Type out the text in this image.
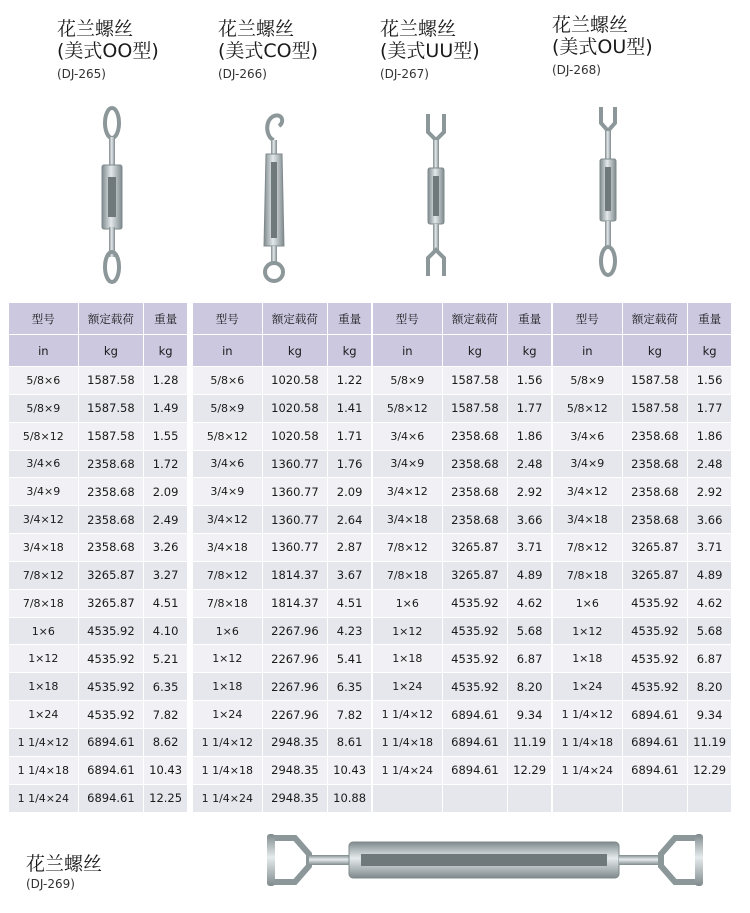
花兰螺丝
(美式OO型)
(DJ-265)
花兰螺丝
(美式CO型)
(DJ-266)
花兰螺丝
(美式UU型)
(DJ-267)
花兰螺丝
(美式OU型)
(DJ-268)
型号	额定载荷	重量
in	kg	kg
5/8×6	1587.58	1.28
5/8×9	1587.58	1.49
5/8×12	1587.58	1.55
3/4×6	2358.68	1.72
3/4×9	2358.68	2.09
3/4×12	2358.68	2.49
3/4×18	2358.68	3.26
7/8×12	3265.87	3.27
7/8×18	3265.87	4.51
1×6	4535.92	4.10
1×12	4535.92	5.21
1×18	4535.92	6.35
1×24	4535.92	7.82
1 1/4×12	6894.61	8.62
1 1/4×18	6894.61	10.43
1 1/4×24	6894.61	12.25
型号	额定载荷	重量
in	kg	kg
5/8×6	1020.58	1.22
5/8×9	1020.58	1.41
5/8×12	1020.58	1.71
3/4×6	1360.77	1.76
3/4×9	1360.77	2.09
3/4×12	1360.77	2.64
3/4×18	1360.77	2.87
7/8×12	1814.37	3.67
7/8×18	1814.37	4.51
1×6	2267.96	4.23
1×12	2267.96	5.41
1×18	2267.96	6.35
1×24	2267.96	7.82
1 1/4×12	2948.35	8.61
1 1/4×18	2948.35	10.43
1 1/4×24	2948.35	10.88
型号	额定载荷	重量
in	kg	kg
5/8×9	1587.58	1.56
5/8×12	1587.58	1.77
3/4×6	2358.68	1.86
3/4×9	2358.68	2.48
3/4×12	2358.68	2.92
3/4×18	2358.68	3.66
7/8×12	3265.87	3.71
7/8×18	3265.87	4.89
1×6	4535.92	4.62
1×12	4535.92	5.68
1×18	4535.92	6.87
1×24	4535.92	8.20
1 1/4×12	6894.61	9.34
1 1/4×18	6894.61	11.19
1 1/4×24	6894.61	12.29

型号	额定载荷	重量
in	kg	kg
5/8×9	1587.58	1.56
5/8×12	1587.58	1.77
3/4×6	2358.68	1.86
3/4×9	2358.68	2.48
3/4×12	2358.68	2.92
3/4×18	2358.68	3.66
7/8×12	3265.87	3.71
7/8×18	3265.87	4.89
1×6	4535.92	4.62
1×12	4535.92	5.68
1×18	4535.92	6.87
1×24	4535.92	8.20
1 1/4×12	6894.61	9.34
1 1/4×18	6894.61	11.19
1 1/4×24	6894.61	12.29

花兰螺丝
(DJ-269)
